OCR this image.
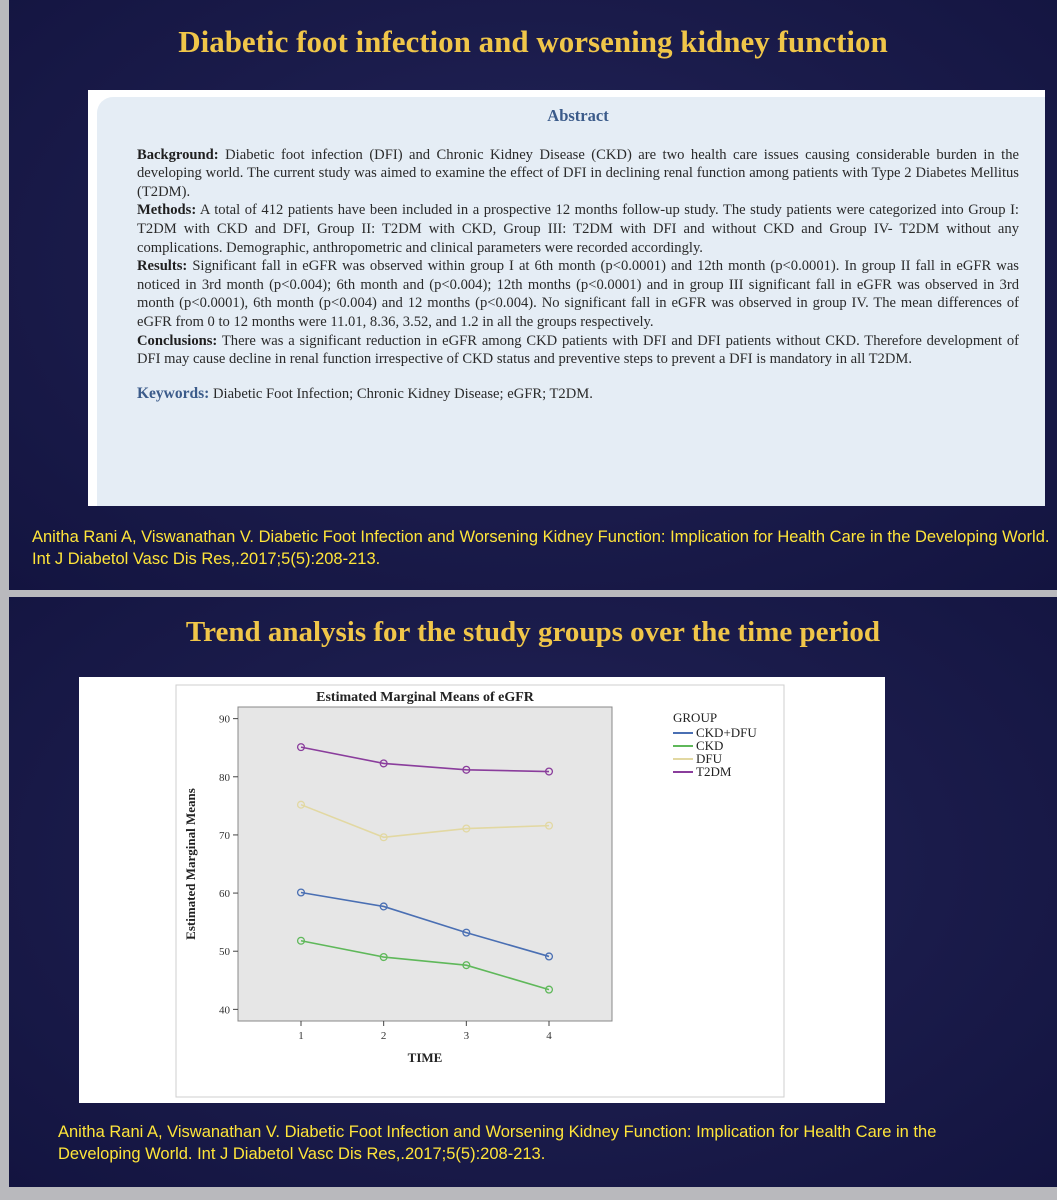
Diabetic foot infection and worsening kidney function
Abstract

Background: Diabetic foot infection (DFI) and Chronic Kidney Disease (CKD) are two health care issues causing considerable burden in the developing world. The current study was aimed to examine the effect of DFI in declining renal function among patients with Type 2 Diabetes Mellitus (T2DM).

Methods: A total of 412 patients have been included in a prospective 12 months follow-up study. The study patients were categorized into Group I: T2DM with CKD and DFI, Group II: T2DM with CKD, Group III: T2DM with DFI and without CKD and Group IV- T2DM without any complications. Demographic, anthropometric and clinical parameters were recorded accordingly.

Results: Significant fall in eGFR was observed within group I at 6th month (p<0.0001) and 12th month (p<0.0001). In group II fall in eGFR was noticed in 3rd month (p<0.004); 6th month and (p<0.004); 12th months (p<0.0001) and in group III significant fall in eGFR was observed in 3rd month (p<0.0001), 6th month (p<0.004) and 12 months (p<0.004). No significant fall in eGFR was observed in group IV. The mean differences of eGFR from 0 to 12 months were 11.01, 8.36, 3.52, and 1.2 in all the groups respectively.

Conclusions: There was a significant reduction in eGFR among CKD patients with DFI and DFI patients without CKD. Therefore development of DFI may cause decline in renal function irrespective of CKD status and preventive steps to prevent a DFI is mandatory in all T2DM.

Keywords: Diabetic Foot Infection; Chronic Kidney Disease; eGFR; T2DM.

Anitha Rani A, Viswanathan V. Diabetic Foot Infection and Worsening Kidney Function: Implication for Health Care in the Developing World. Int J Diabetol Vasc Dis Res,.2017;5(5):208-213.

Trend analysis for the study groups over the time period
Estimated Marginal Means of eGFR
40
50
60
70
80
90
1	2	3	4
TIME
Estimated Marginal Means
GROUP
CKD+DFU
CKD
DFU
T2DM

Anitha Rani A, Viswanathan V. Diabetic Foot Infection and Worsening Kidney Function: Implication for Health Care in the Developing World. Int J Diabetol Vasc Dis Res,.2017;5(5):208-213.
